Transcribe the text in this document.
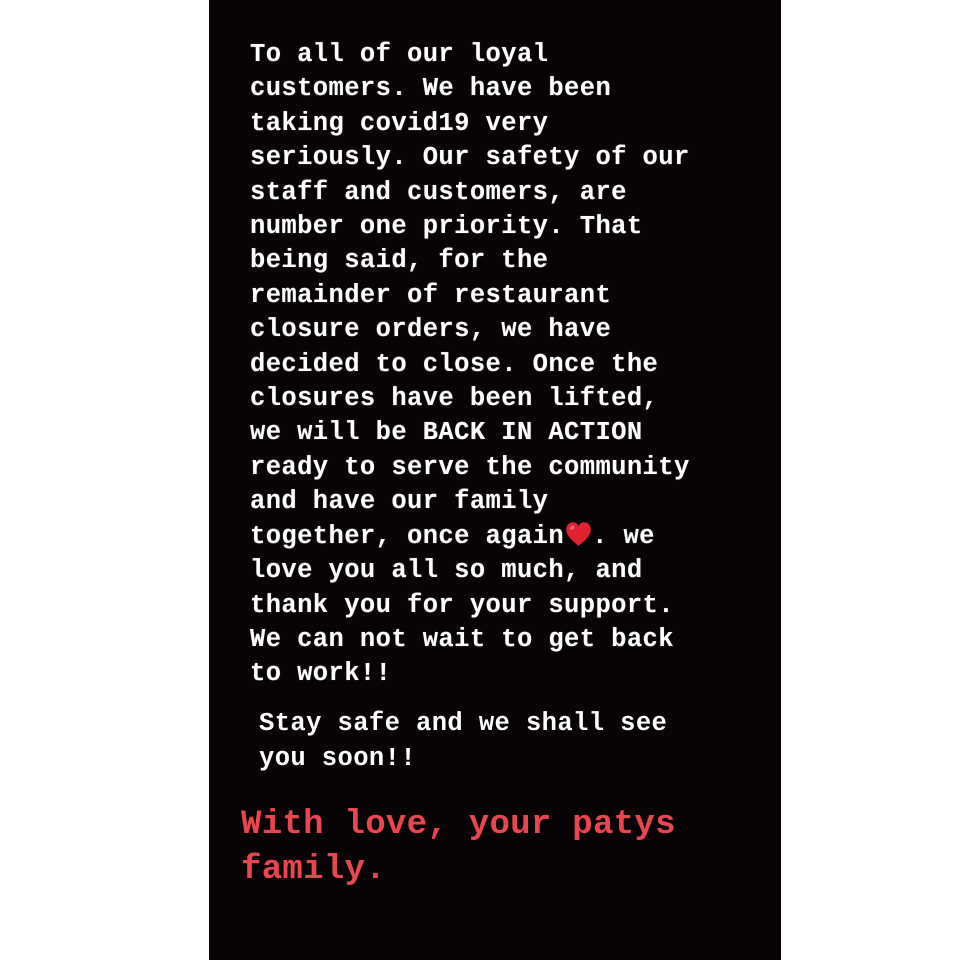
To all of our loyal
customers. We have been
taking covid19 very
seriously. Our safety of our
staff and customers, are
number one priority. That
being said, for the
remainder of restaurant
closure orders, we have
decided to close. Once the
closures have been lifted,
we will be BACK IN ACTION
ready to serve the community
and have our family
together, once again . we
love you all so much, and
thank you for your support.
We can not wait to get back
to work!!
Stay safe and we shall see
you soon!!
With love, your patys
family.
